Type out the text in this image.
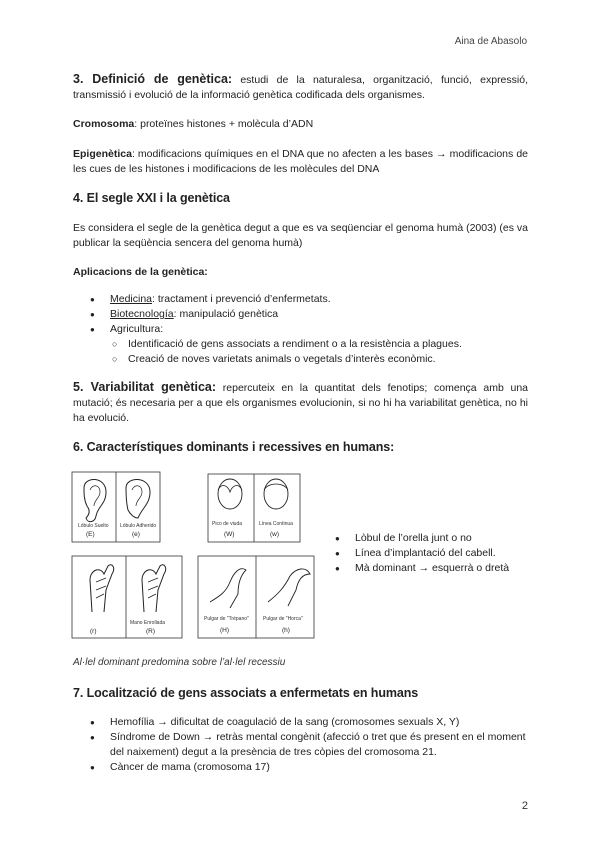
Aina de Abasolo
3. Definició de genètica: estudi de la naturalesa, organització, funció, expressió, transmissió i evolució de la informació genètica codificada dels organismes.
Cromosoma: proteïnes histones + molècula d’ADN
Epigenètica: modificacions químiques en el DNA que no afecten a les bases → modificacions de les cues de les histones i modificacions de les molècules del DNA
4. El segle XXI i la genètica
Es considera el segle de la genètica degut a que es va seqüenciar el genoma humà (2003) (es va publicar la seqüència sencera del genoma humà)
Aplicacions de la genètica:
● Medicina: tractament i prevenció d’enfermetats.
● Biotecnología: manipulació genètica
● Agricultura:
○ Identificació de gens associats a rendiment o a la resistència a plagues.
○ Creació de noves varietats animals o vegetals d’interès econòmic.
5. Variabilitat genètica: repercuteix en la quantitat dels fenotips; comença amb una mutació; és necesaria per a que els organismes evolucionin, si no hi ha variabilitat genètica, no hi ha evolució.
6. Característiques dominants i recessives en humans:
Lóbulo Suelto Lóbulo Adherido
(E)	(e)
Pico de viuda	Línea Continua
(W)	(w)
(r)
Mano Enrollada
(R)
Pulgar de "Trépano"	Pulgar de "Horca"
(H)	(h)
● Lòbul de l’orella junt o no
● Línea d’implantació del cabell.
● Mà dominant → esquerrà o dretà
Al·lel dominant predomina sobre l’al·lel recessiu
7. Localització de gens associats a enfermetats en humans
● Hemofília → dificultat de coagulació de la sang (cromosomes sexuals X, Y)
● Síndrome de Down → retràs mental congènit (afecció o tret que és present en el moment del naixement) degut a la presència de tres còpies del cromosoma 21.
● Càncer de mama (cromosoma 17)
2
